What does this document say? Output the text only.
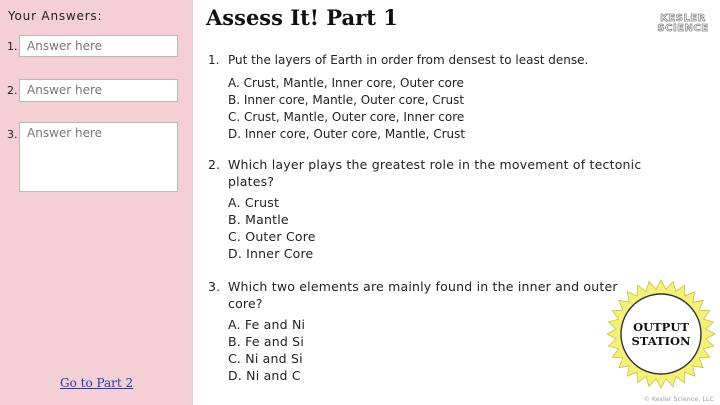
Your Answers:
1. Answer here
2. Answer here
3. Answer here
Go to Part 2
Assess It! Part 1	KESLER
SCIENCE
1. Put the layers of Earth in order from densest to least dense.
A. Crust, Mantle, Inner core, Outer core
B. Inner core, Mantle, Outer core, Crust
C. Crust, Mantle, Outer core, Inner core
D. Inner core, Outer core, Mantle, Crust
2. Which layer plays the greatest role in the movement of tectonic
plates?
A. Crust
B. Mantle
C. Outer Core
D. Inner Core
3. Which two elements are mainly found in the inner and outer
core?
A. Fe and Ni
B. Fe and Si
C. Ni and Si
D. Ni and C
OUTPUT
STATION
© Kesler Science, LLC
